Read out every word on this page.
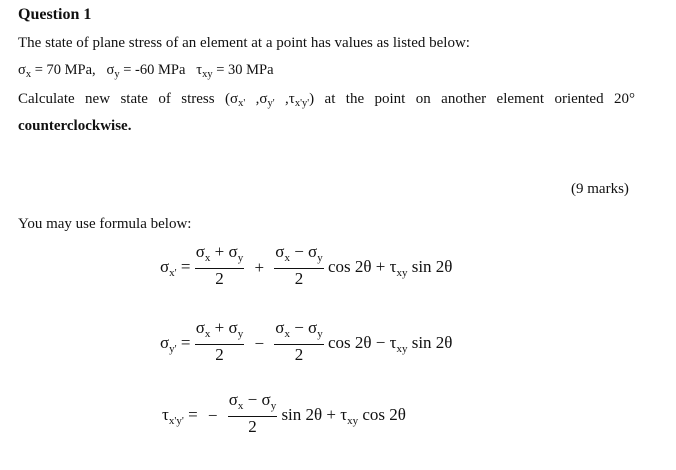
Question 1
The state of plane stress of an element at a point has values as listed below:
$\sigma_x = 70$ MPa, $\sigma_y = -60$ MPa $\tau_{xy} = 30$ MPa
Calculate new state of stress ($\sigma_{x'}$ $,\sigma_{y'}$ $,\tau_{x'y'}$) at the point on another element oriented 20°
counterclockwise.
(9 marks)
You may use formula below:
$\sigma_{x'} = \frac{\sigma_x + \sigma_y}{2} + \frac{\sigma_x - \sigma_y}{2}$ $\cos 2\theta + \tau_{xy}$ sin 2θ
$\sigma_{y'} = \frac{\sigma_x + \sigma_y}{2} - \frac{\sigma_x - \sigma_y}{2}$ $\cos 2\theta - \tau_{xy}$ sin 2θ
$\tau_{x'y'}$ = − $\frac{\sigma_x - \sigma_y}{2}$ $\sin 2\theta + \tau_{xy}$ cos 2θ
